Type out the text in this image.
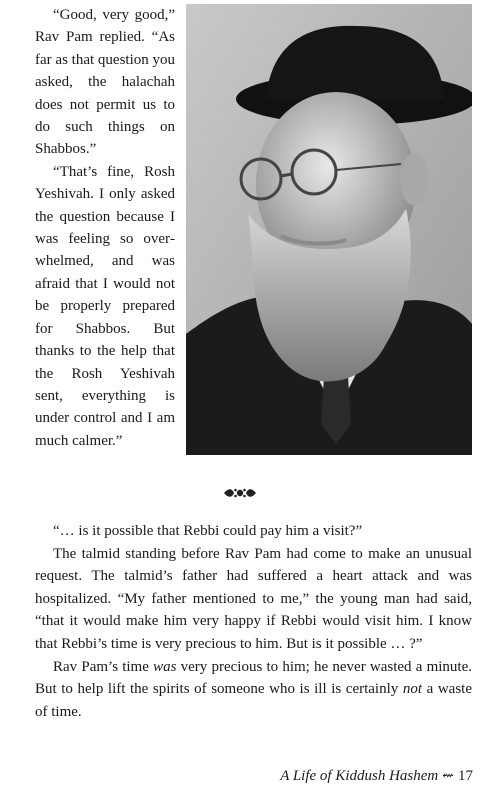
“Good, very good,” Rav Pam replied. “As far as that question you asked, the halachah does not permit us to do such things on Shabbos.”

“That’s fine, Rosh Yeshivah. I only asked the question because I was feeling so overwhelmed, and was afraid that I would not be properly prepared for Shabbos. But thanks to the help that the Rosh Yeshivah sent, everything is under control and I am much calmer.”

“… is it possible that Rebbi could pay him a visit?”

The talmid standing before Rav Pam had come to make an unusual request. The talmid’s father had suffered a heart attack and was hospitalized. “My father mentioned to me,” the young man had said, “that it would make him very happy if Rebbi would visit him. I know that Rebbi’s time is very precious to him. But is it possible … ?”

Rav Pam’s time was very precious to him; he never wasted a minute. But to help lift the spirits of someone who is ill is certainly not a waste of time.

A Life of Kiddush Hashem ⇜ 17
